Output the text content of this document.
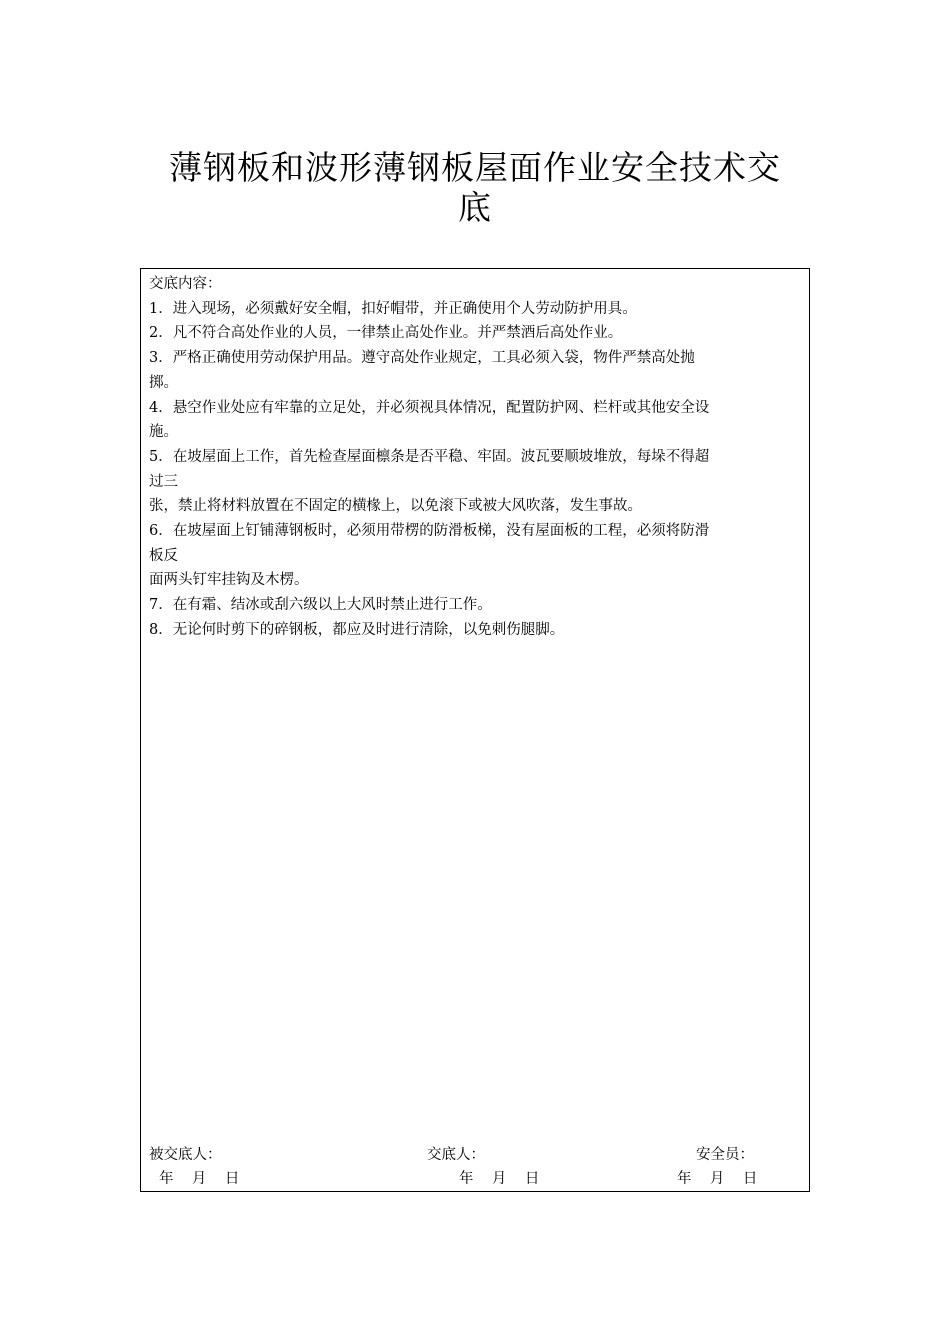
薄钢板和波形薄钢板屋面作业安全技术交
底

交底内容：

1．进入现场，必须戴好安全帽，扣好帽带，并正确使用个人劳动防护用具。

2．凡不符合高处作业的人员，一律禁止高处作业。并严禁酒后高处作业。

3．严格正确使用劳动保护用品。遵守高处作业规定，工具必须入袋，物件严禁高处抛

掷。

4．悬空作业处应有牢靠的立足处，并必须视具体情况，配置防护网、栏杆或其他安全设

施。

5．在坡屋面上工作，首先检查屋面檩条是否平稳、牢固。波瓦要顺坡堆放，每垛不得超

过三

张，禁止将材料放置在不固定的横椽上，以免滚下或被大风吹落，发生事故。

6．在坡屋面上钉铺薄钢板时，必须用带楞的防滑板梯，没有屋面板的工程，必须将防滑

板反

面两头钉牢挂钩及木楞。

7．在有霜、结冰或刮六级以上大风时禁止进行工作。

8．无论何时剪下的碎钢板，都应及时进行清除，以免刺伤腿脚。

被交底人：	交底人：	安全员：
年    月    日	年    月    日	年    月    日
